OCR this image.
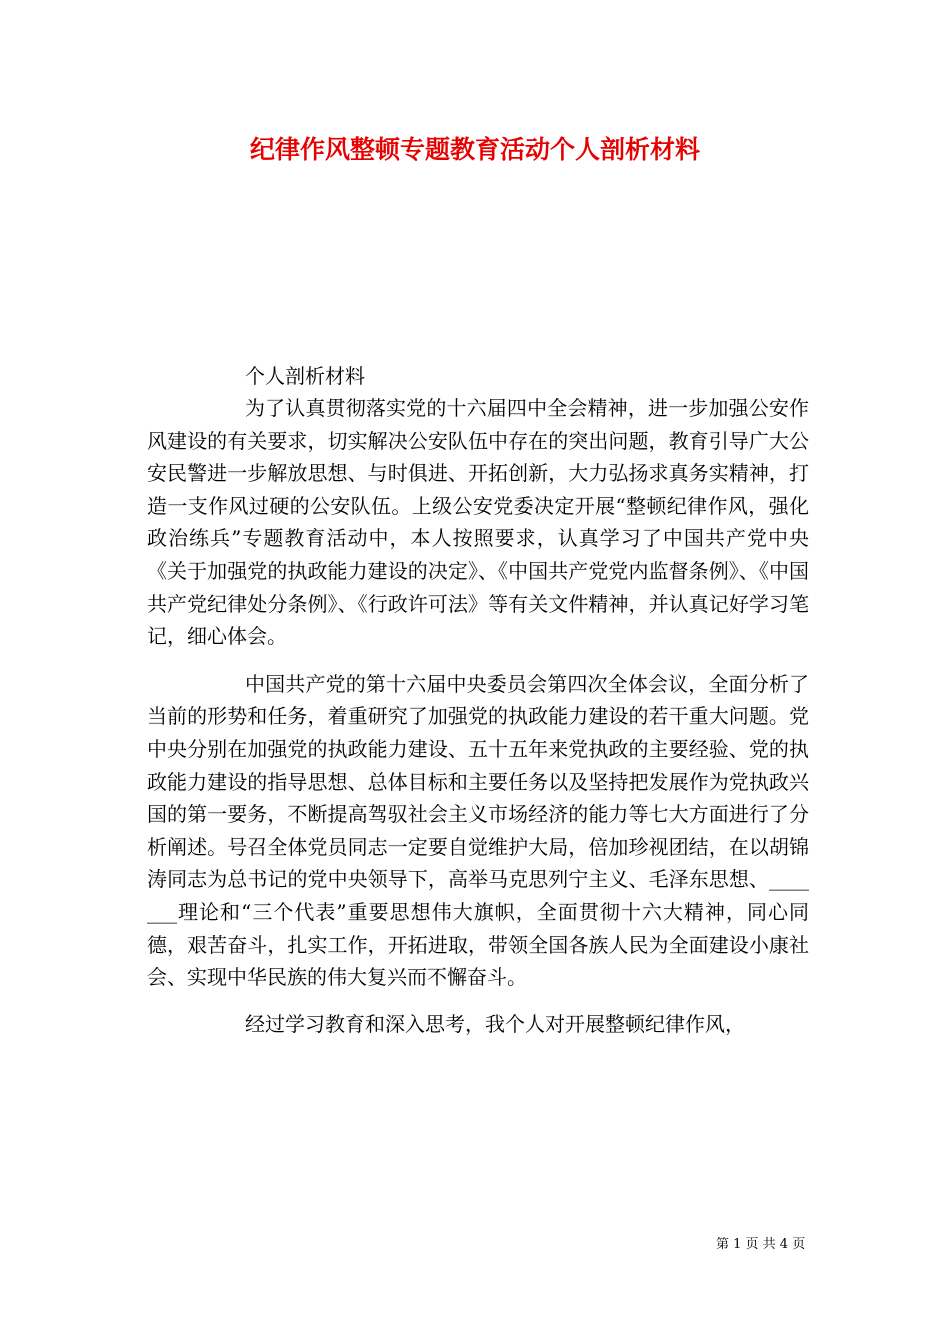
纪律作风整顿专题教育活动个人剖析材料

个人剖析材料

为了认真贯彻落实党的十六届四中全会精神，进一步加强公安作风建设的有关要求，切实解决公安队伍中存在的突出问题，教育引导广大公安民警进一步解放思想、与时俱进、开拓创新，大力弘扬求真务实精神，打造一支作风过硬的公安队伍。上级公安党委决定开展“整顿纪律作风，强化政治练兵”专题教育活动中，本人按照要求，认真学习了中国共产党中央《关于加强党的执政能力建设的决定》、《中国共产党党内监督条例》、《中国共产党纪律处分条例》、《行政许可法》等有关文件精神，并认真记好学习笔记，细心体会。

中国共产党的第十六届中央委员会第四次全体会议，全面分析了当前的形势和任务，着重研究了加强党的执政能力建设的若干重大问题。党中央分别在加强党的执政能力建设、五十五年来党执政的主要经验、党的执政能力建设的指导思想、总体目标和主要任务以及坚持把发展作为党执政兴国的第一要务，不断提高驾驭社会主义市场经济的能力等七大方面进行了分析阐述。号召全体党员同志一定要自觉维护大局，倍加珍视团结，在以胡锦涛同志为总书记的党中央领导下，高举马克思列宁主义、毛泽东思想、_______理论和“三个代表”重要思想伟大旗帜，全面贯彻十六大精神，同心同德，艰苦奋斗，扎实工作，开拓进取，带领全国各族人民为全面建设小康社会、实现中华民族的伟大复兴而不懈奋斗。

经过学习教育和深入思考，我个人对开展整顿纪律作风，

第 1 页 共 4 页
